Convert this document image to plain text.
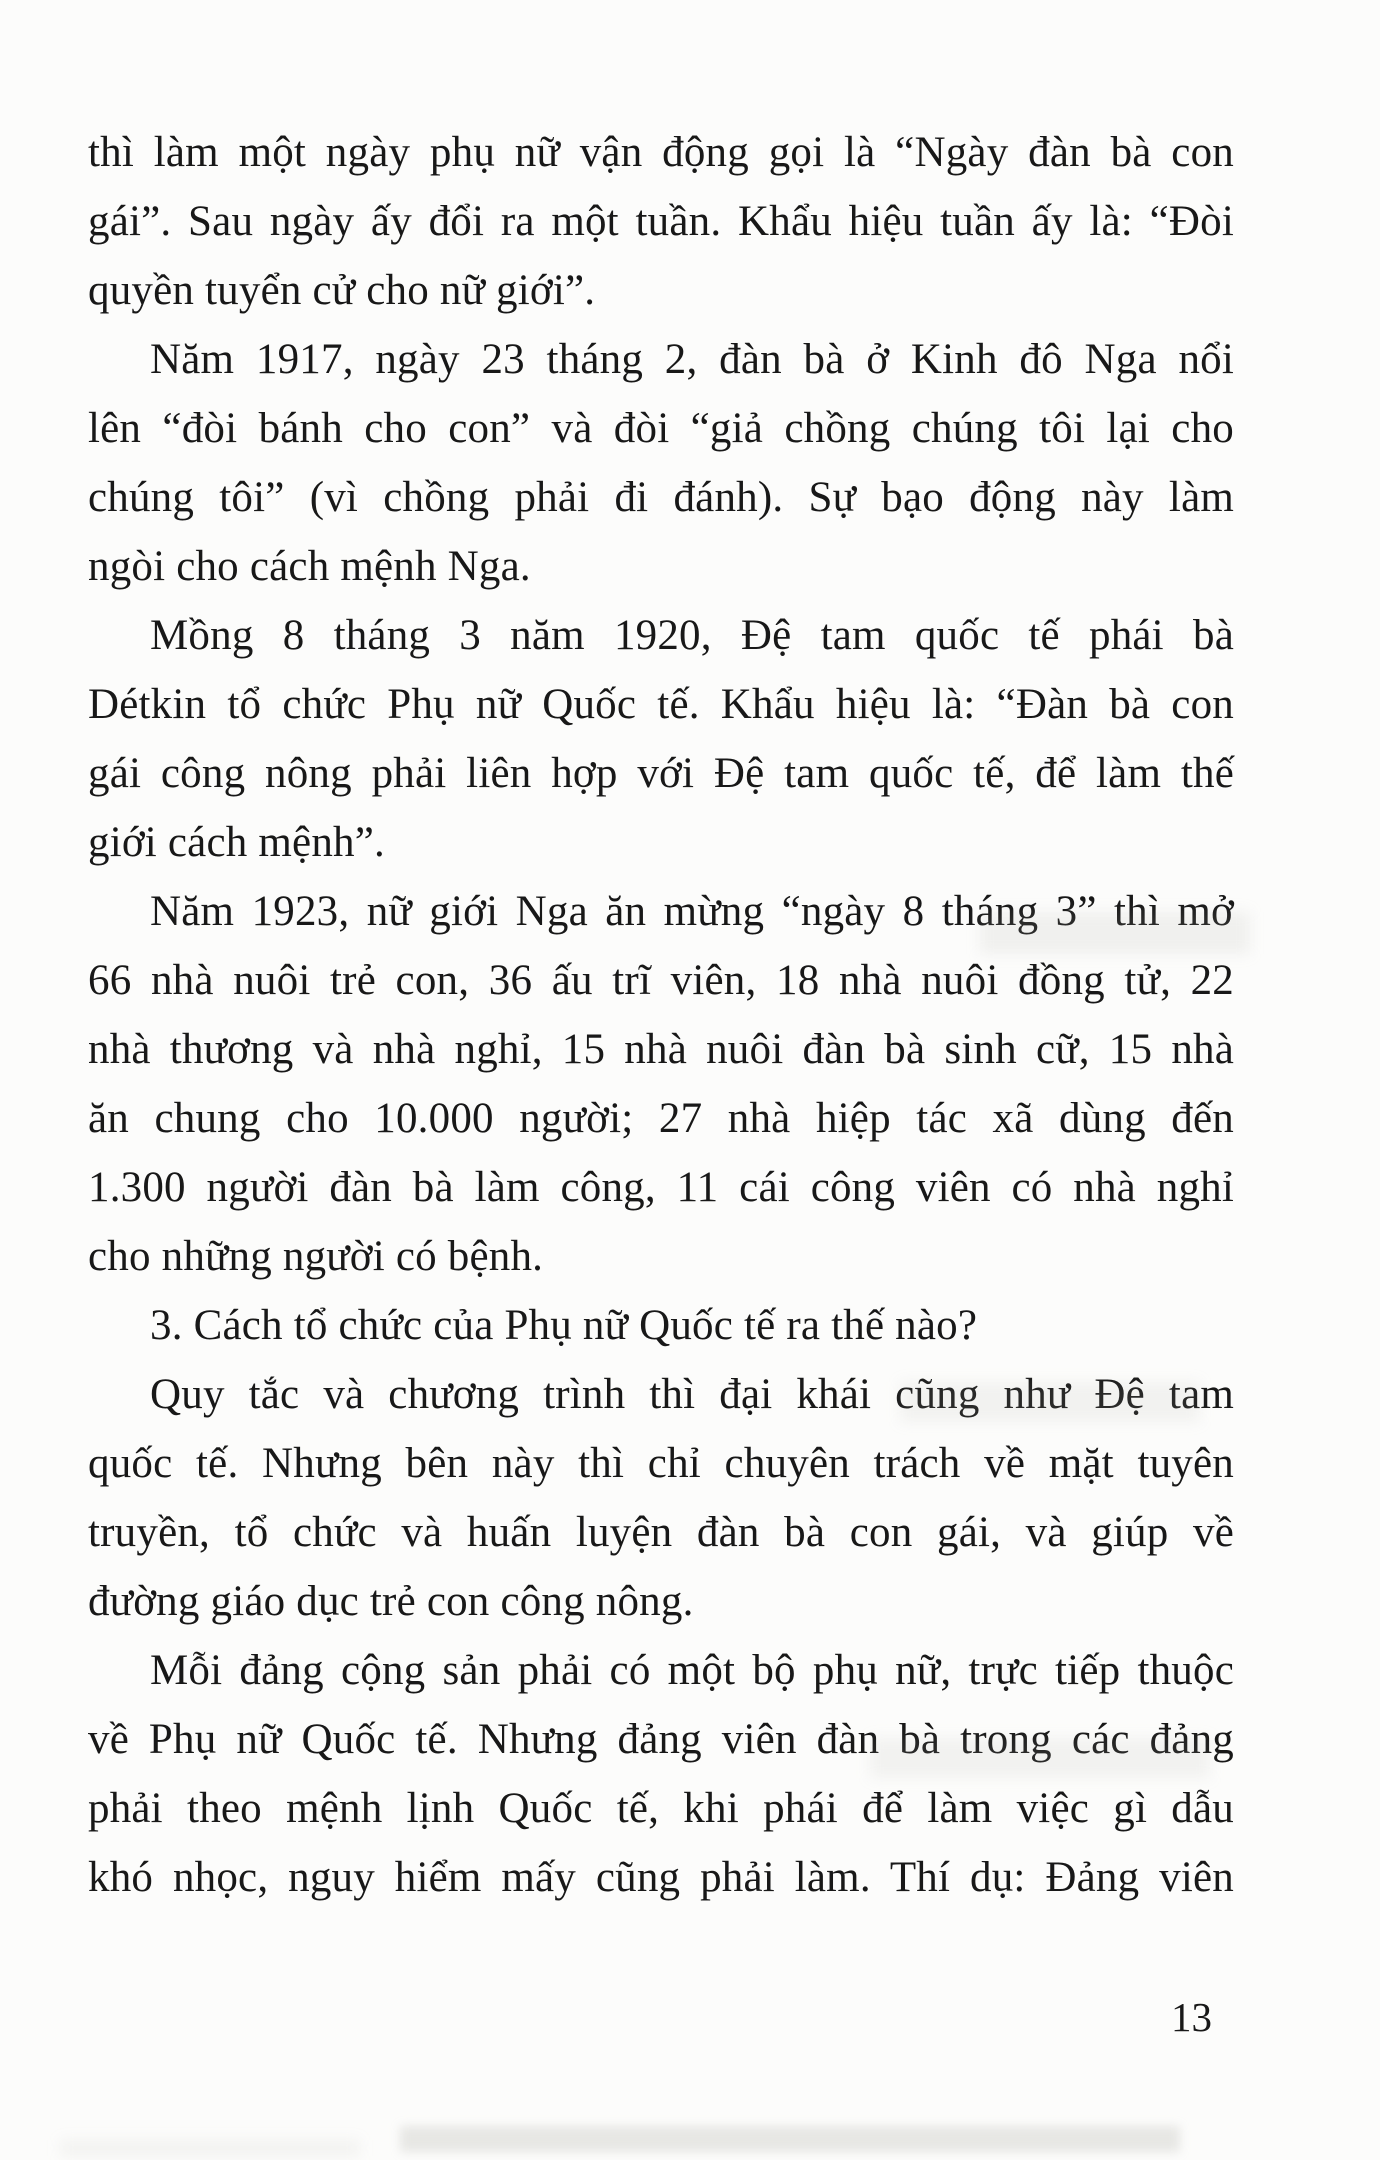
thì làm một ngày phụ nữ vận động gọi là “Ngày đàn bà con
gái”. Sau ngày ấy đổi ra một tuần. Khẩu hiệu tuần ấy là: “Đòi
quyền tuyển cử cho nữ giới”.
Năm 1917, ngày 23 tháng 2, đàn bà ở Kinh đô Nga nổi
lên “đòi bánh cho con” và đòi “giả chồng chúng tôi lại cho
chúng tôi” (vì chồng phải đi đánh). Sự bạo động này làm
ngòi cho cách mệnh Nga.
Mồng 8 tháng 3 năm 1920, Đệ tam quốc tế phái bà
Détkin tổ chức Phụ nữ Quốc tế. Khẩu hiệu là: “Đàn bà con
gái công nông phải liên hợp với Đệ tam quốc tế, để làm thế
giới cách mệnh”.
Năm 1923, nữ giới Nga ăn mừng “ngày 8 tháng 3” thì mở
66 nhà nuôi trẻ con, 36 ấu trĩ viên, 18 nhà nuôi đồng tử, 22
nhà thương và nhà nghỉ, 15 nhà nuôi đàn bà sinh cữ, 15 nhà
ăn chung cho 10.000 người; 27 nhà hiệp tác xã dùng đến
1.300 người đàn bà làm công, 11 cái công viên có nhà nghỉ
cho những người có bệnh.
3. Cách tổ chức của Phụ nữ Quốc tế ra thế nào?
Quy tắc và chương trình thì đại khái cũng như Đệ tam
quốc tế. Nhưng bên này thì chỉ chuyên trách về mặt tuyên
truyền, tổ chức và huấn luyện đàn bà con gái, và giúp về
đường giáo dục trẻ con công nông.
Mỗi đảng cộng sản phải có một bộ phụ nữ, trực tiếp thuộc
về Phụ nữ Quốc tế. Nhưng đảng viên đàn bà trong các đảng
phải theo mệnh lịnh Quốc tế, khi phái để làm việc gì dẫu
khó nhọc, nguy hiểm mấy cũng phải làm. Thí dụ: Đảng viên
13
